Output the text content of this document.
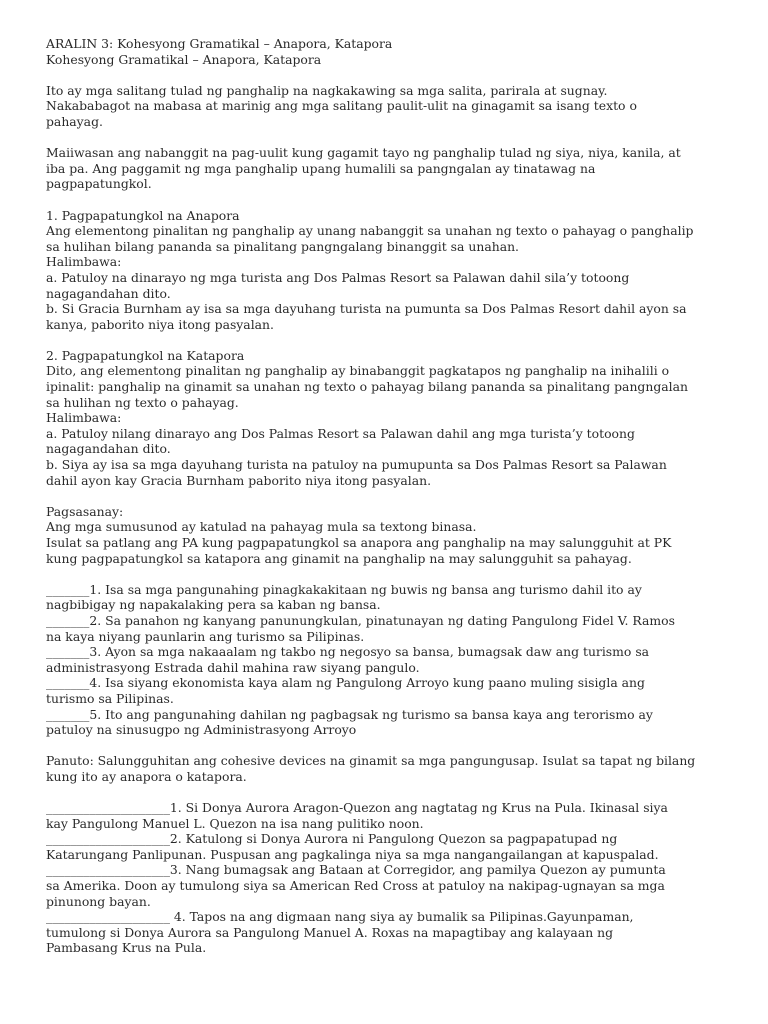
ARALIN 3: Kohesyong Gramatikal – Anapora, Katapora

Kohesyong Gramatikal – Anapora, Katapora

Ito ay mga salitang tulad ng panghalip na nagkakawing sa mga salita, parirala at sugnay.

Nakababagot na mabasa at marinig ang mga salitang paulit-ulit na ginagamit sa isang texto o

pahayag.

Maiiwasan ang nabanggit na pag-uulit kung gagamit tayo ng panghalip tulad ng siya, niya, kanila, at

iba pa. Ang paggamit ng mga panghalip upang humalili sa pangngalan ay tinatawag na

pagpapatungkol.

1. Pagpapatungkol na Anapora

Ang elementong pinalitan ng panghalip ay unang nabanggit sa unahan ng texto o pahayag o panghalip

sa hulihan bilang pananda sa pinalitang pangngalang binanggit sa unahan.

Halimbawa:

a. Patuloy na dinarayo ng mga turista ang Dos Palmas Resort sa Palawan dahil sila’y totoong

nagagandahan dito.

b. Si Gracia Burnham ay isa sa mga dayuhang turista na pumunta sa Dos Palmas Resort dahil ayon sa

kanya, paborito niya itong pasyalan.

2. Pagpapatungkol na Katapora

Dito, ang elementong pinalitan ng panghalip ay binabanggit pagkatapos ng panghalip na inihalili o

ipinalit: panghalip na ginamit sa unahan ng texto o pahayag bilang pananda sa pinalitang pangngalan

sa hulihan ng texto o pahayag.

Halimbawa:

a. Patuloy nilang dinarayo ang Dos Palmas Resort sa Palawan dahil ang mga turista’y totoong

nagagandahan dito.

b. Siya ay isa sa mga dayuhang turista na patuloy na pumupunta sa Dos Palmas Resort sa Palawan

dahil ayon kay Gracia Burnham paborito niya itong pasyalan.

Pagsasanay:

Ang mga sumusunod ay katulad na pahayag mula sa textong binasa.

Isulat sa patlang ang PA kung pagpapatungkol sa anapora ang panghalip na may salungguhit at PK

kung pagpapatungkol sa katapora ang ginamit na panghalip na may salungguhit sa pahayag.

_______1. Isa sa mga pangunahing pinagkakakitaan ng buwis ng bansa ang turismo dahil ito ay

nagbibigay ng napakalaking pera sa kaban ng bansa.

_______2. Sa panahon ng kanyang panunungkulan, pinatunayan ng dating Pangulong Fidel V. Ramos

na kaya niyang paunlarin ang turismo sa Pilipinas.

_______3. Ayon sa mga nakaaalam ng takbo ng negosyo sa bansa, bumagsak daw ang turismo sa

administrasyong Estrada dahil mahina raw siyang pangulo.

_______4. Isa siyang ekonomista kaya alam ng Pangulong Arroyo kung paano muling sisigla ang

turismo sa Pilipinas.

_______5. Ito ang pangunahing dahilan ng pagbagsak ng turismo sa bansa kaya ang terorismo ay

patuloy na sinusugpo ng Administrasyong Arroyo

Panuto: Salungguhitan ang cohesive devices na ginamit sa mga pangungusap. Isulat sa tapat ng bilang

kung ito ay anapora o katapora.

____________________1. Si Donya Aurora Aragon-Quezon ang nagtatag ng Krus na Pula. Ikinasal siya

kay Pangulong Manuel L. Quezon na isa nang pulitiko noon.

____________________2. Katulong si Donya Aurora ni Pangulong Quezon sa pagpapatupad ng

Katarungang Panlipunan. Puspusan ang pagkalinga niya sa mga nangangailangan at kapuspalad.

____________________3. Nang bumagsak ang Bataan at Corregidor, ang pamilya Quezon ay pumunta

sa Amerika. Doon ay tumulong siya sa American Red Cross at patuloy na nakipag-ugnayan sa mga

pinunong bayan.

____________________ 4. Tapos na ang digmaan nang siya ay bumalik sa Pilipinas.Gayunpaman,

tumulong si Donya Aurora sa Pangulong Manuel A. Roxas na mapagtibay ang kalayaan ng

Pambasang Krus na Pula.
